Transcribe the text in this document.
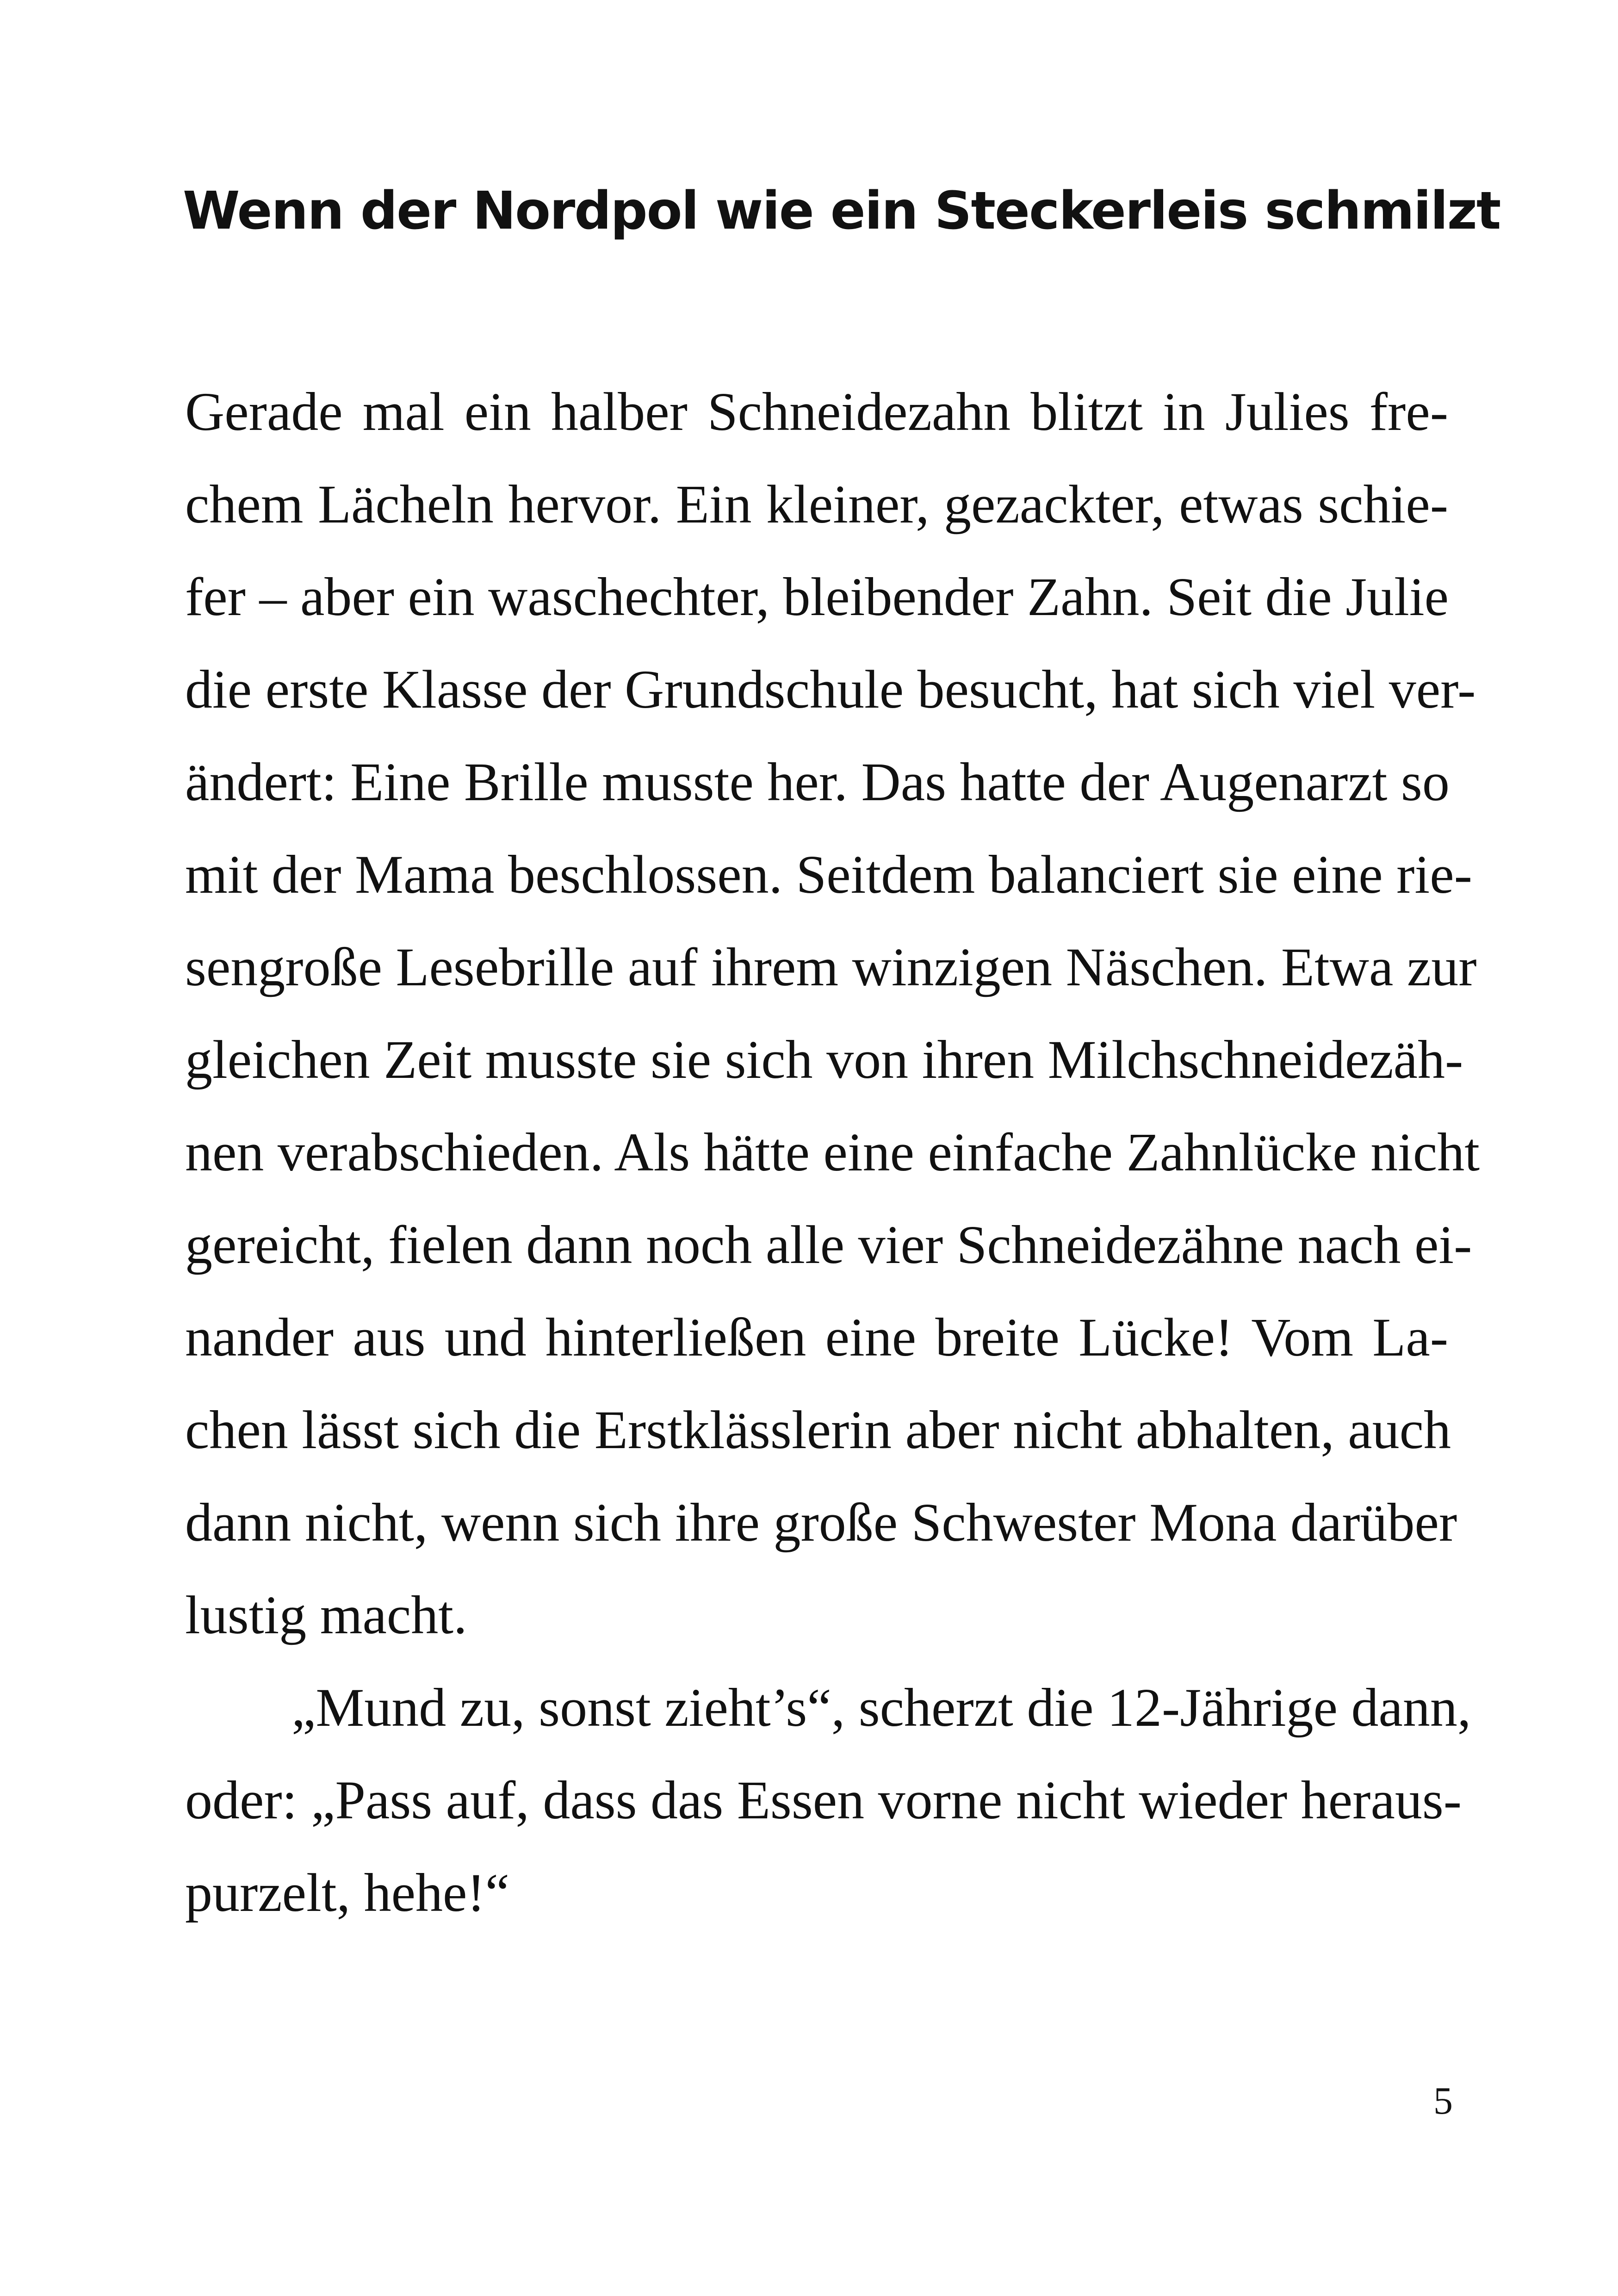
Wenn der Nordpol wie ein Steckerleis schmilzt

Gerade mal ein halber Schneidezahn blitzt in Julies fre-

chem Lächeln hervor. Ein kleiner, gezackter, etwas schie-

fer – aber ein waschechter, bleibender Zahn. Seit die Julie

die erste Klasse der Grundschule besucht, hat sich viel ver-

ändert: Eine Brille musste her. Das hatte der Augenarzt so

mit der Mama beschlossen. Seitdem balanciert sie eine rie-

sengroße Lesebrille auf ihrem winzigen Näschen. Etwa zur

gleichen Zeit musste sie sich von ihren Milchschneidezäh-

nen verabschieden. Als hätte eine einfache Zahnlücke nicht

gereicht, fielen dann noch alle vier Schneidezähne nach ei-

nander aus und hinterließen eine breite Lücke! Vom La-

chen lässt sich die Erstklässlerin aber nicht abhalten, auch

dann nicht, wenn sich ihre große Schwester Mona darüber

lustig macht.

„Mund zu, sonst zieht’s“, scherzt die 12-Jährige dann,

oder: „Pass auf, dass das Essen vorne nicht wieder heraus-

purzelt, hehe!“

5
